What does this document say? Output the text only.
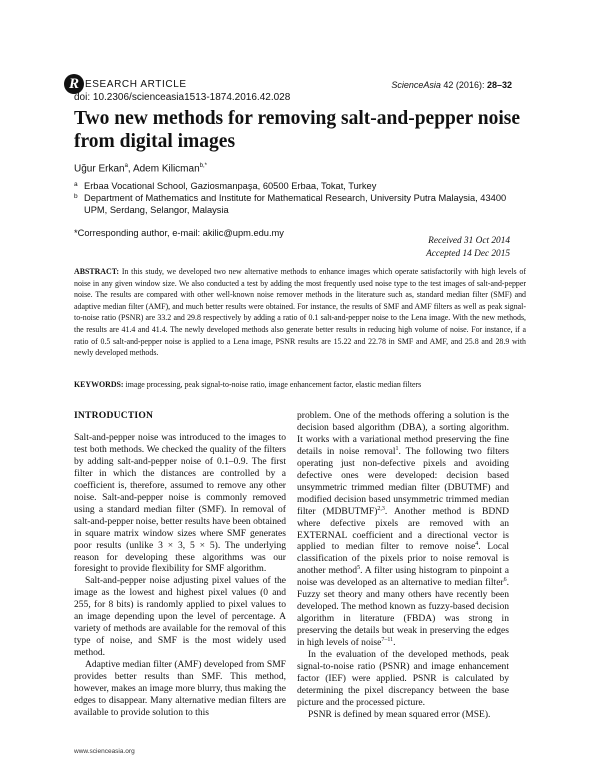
R ESEARCH ARTICLE
doi: 10.2306/scienceasia1513-1874.2016.42.028
ScienceAsia 42 (2016): 28–32
Two new methods for removing salt-and-pepper noise from digital images
Uğur Erkan$^a$, Adem Kilicman$^{b,*}$
a Erbaa Vocational School, Gaziosmanpaşa, 60500 Erbaa, Tokat, Turkey
b Department of Mathematics and Institute for Mathematical Research, University Putra Malaysia, 43400 UPM, Serdang, Selangor, Malaysia
*Corresponding author, e-mail: akilic@upm.edu.my
Received 31 Oct 2014
Accepted 14 Dec 2015
ABSTRACT: In this study, we developed two new alternative methods to enhance images which operate satisfactorily with high levels of noise in any given window size. We also conducted a test by adding the most frequently used noise type to the test images of salt-and-pepper noise. The results are compared with other well-known noise remover methods in the literature such as, standard median filter (SMF) and adaptive median filter (AMF), and much better results were obtained. For instance, the results of SMF and AMF filters as well as peak signal-to-noise ratio (PSNR) are 33.2 and 29.8 respectively by adding a ratio of 0.1 salt-and-pepper noise to the Lena image. With the new methods, the results are 41.4 and 41.4. The newly developed methods also generate better results in reducing high volume of noise. For instance, if a ratio of 0.5 salt-and-pepper noise is applied to a Lena image, PSNR results are 15.22 and 22.78 in SMF and AMF, and 25.8 and 28.9 with newly developed methods.
KEYWORDS: image processing, peak signal-to-noise ratio, image enhancement factor, elastic median filters
INTRODUCTION

Salt-and-pepper noise was introduced to the images to test both methods. We checked the quality of the filters by adding salt-and-pepper noise of 0.1–0.9. The first filter in which the distances are controlled by a coefficient is, therefore, assumed to remove any other noise. Salt-and-pepper noise is commonly removed using a standard median filter (SMF). In removal of salt-and-pepper noise, better results have been obtained in square matrix window sizes where SMF generates poor results (unlike 3 × 3, 5 × 5). The underlying reason for developing these algorithms was our foresight to provide flexibility for SMF algorithm.

Salt-and-pepper noise adjusting pixel values of the image as the lowest and highest pixel values (0 and 255, for 8 bits) is randomly applied to pixel values to an image depending upon the level of percentage. A variety of methods are available for the removal of this type of noise, and SMF is the most widely used method.

Adaptive median filter (AMF) developed from SMF provides better results than SMF. This method, however, makes an image more blurry, thus making the edges to disappear. Many alternative median filters are available to provide solution to this

problem. One of the methods offering a solution is the decision based algorithm (DBA), a sorting algorithm. It works with a variational method preserving the fine details in noise removal$^1$. The following two filters operating just non-defective pixels and avoiding defective ones were developed: decision based unsymmetric trimmed median filter (DBUTMF) and modified decision based unsymmetric trimmed median filter (MDBUTMF)$^{2,3}$. Another method is BDND where defective pixels are removed with an EXTERNAL coefficient and a directional vector is applied to median filter to remove noise$^4$. Local classification of the pixels prior to noise removal is another method$^5$. A filter using histogram to pinpoint a noise was developed as an alternative to median filter$^6$. Fuzzy set theory and many others have recently been developed. The method known as fuzzy-based decision algorithm in literature (FBDA) was strong in preserving the details but weak in preserving the edges in high levels of noise$^{7-11}$.

In the evaluation of the developed methods, peak signal-to-noise ratio (PSNR) and image enhancement factor (IEF) were applied. PSNR is calculated by determining the pixel discrepancy between the base picture and the processed picture.

PSNR is defined by mean squared error (MSE).

www.scienceasia.org
